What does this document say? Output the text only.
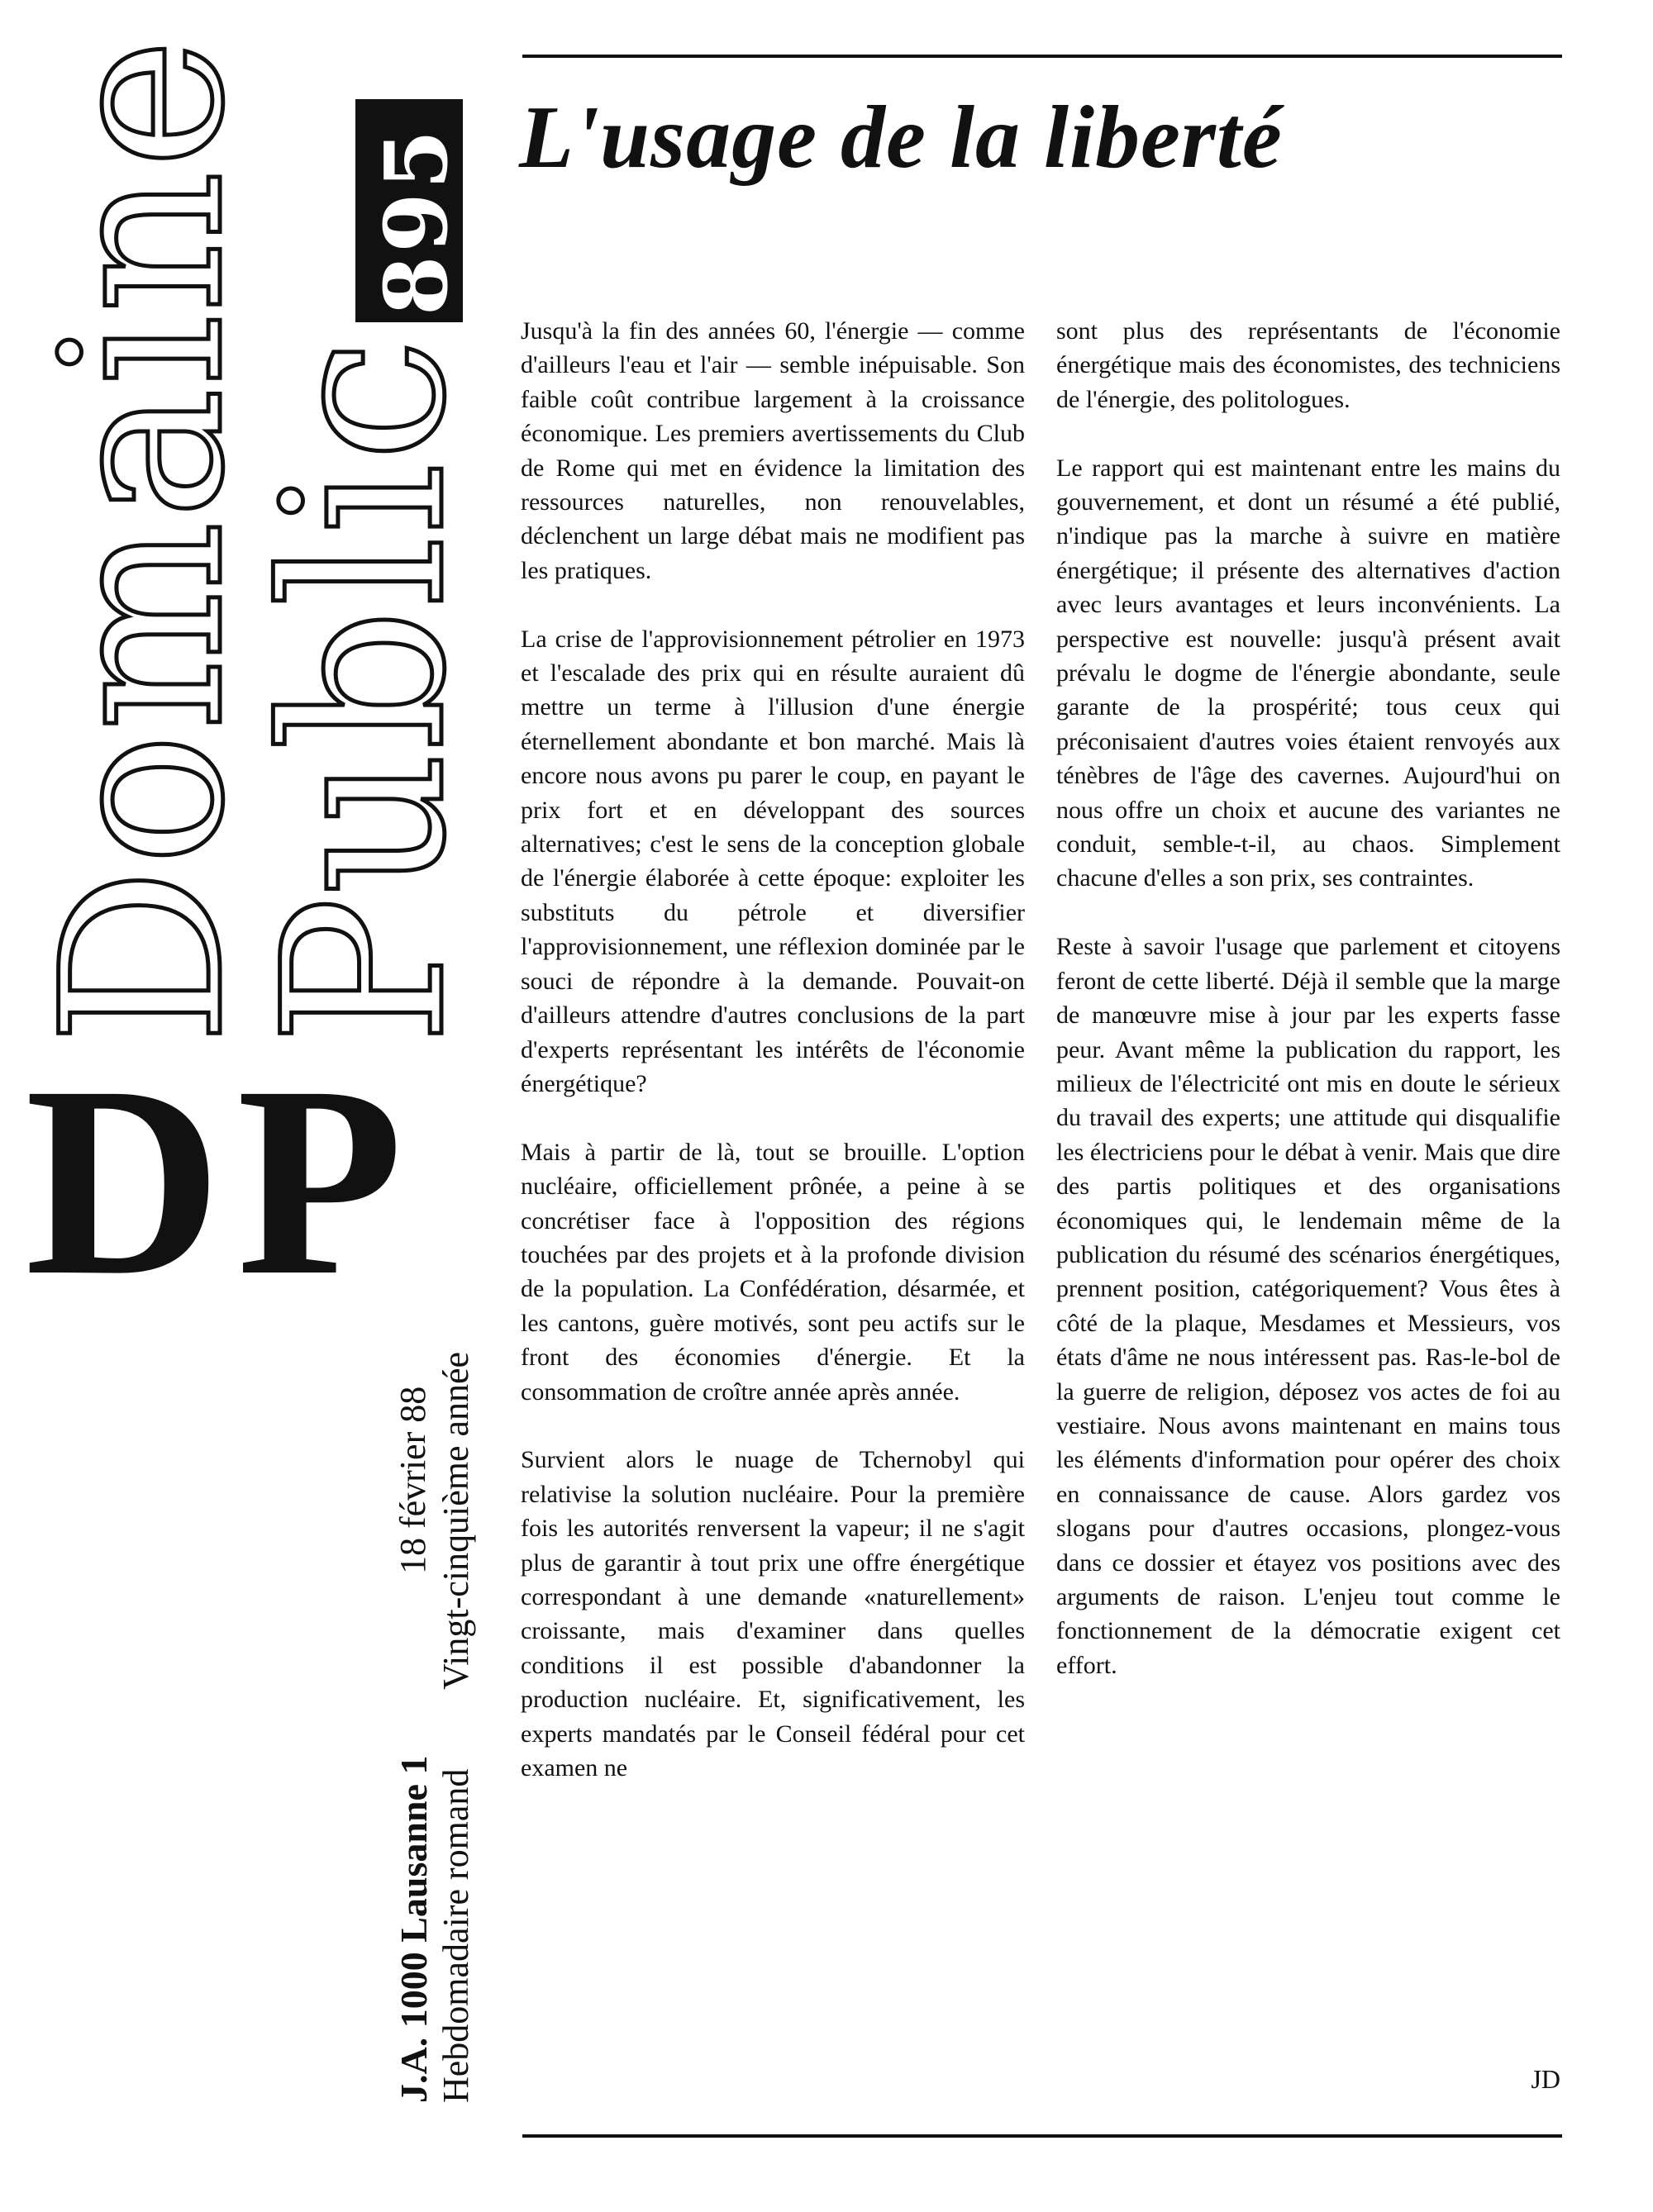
Domaine
Public
895
DP
J.A. 1000 Lausanne 1
18 février 88
Hebdomadaire romand
Vingt-cinquième année
L'usage de la liberté

Jusqu'à la fin des années 60, l'énergie — comme d'ailleurs l'eau et l'air — semble inépuisable. Son faible coût contribue largement à la croissance économique. Les premiers avertissements du Club de Rome qui met en évidence la limitation des ressources naturelles, non renouvelables, déclenchent un large débat mais ne modifient pas les pratiques.

La crise de l'approvisionnement pétrolier en 1973 et l'escalade des prix qui en résulte auraient dû mettre un terme à l'illusion d'une énergie éternellement abondante et bon marché. Mais là encore nous avons pu parer le coup, en payant le prix fort et en développant des sources alternatives; c'est le sens de la conception globale de l'énergie élaborée à cette époque: exploiter les substituts du pétrole et diversifier l'approvisionnement, une réflexion dominée par le souci de répondre à la demande. Pouvait-on d'ailleurs attendre d'autres conclusions de la part d'experts représentant les intérêts de l'économie énergétique?

Mais à partir de là, tout se brouille. L'option nucléaire, officiellement prônée, a peine à se concrétiser face à l'opposition des régions touchées par des projets et à la profonde division de la population. La Confédération, désarmée, et les cantons, guère motivés, sont peu actifs sur le front des économies d'énergie. Et la consommation de croître année après année.

Survient alors le nuage de Tchernobyl qui relativise la solution nucléaire. Pour la première fois les autorités renversent la vapeur; il ne s'agit plus de garantir à tout prix une offre énergétique correspondant à une demande «naturellement» croissante, mais d'examiner dans quelles conditions il est possible d'abandonner la production nucléaire. Et, significativement, les experts mandatés par le Conseil fédéral pour cet examen ne

sont plus des représentants de l'économie énergétique mais des économistes, des techniciens de l'énergie, des politologues.

Le rapport qui est maintenant entre les mains du gouvernement, et dont un résumé a été publié, n'indique pas la marche à suivre en matière énergétique; il présente des alternatives d'action avec leurs avantages et leurs inconvénients. La perspective est nouvelle: jusqu'à présent avait prévalu le dogme de l'énergie abondante, seule garante de la prospérité; tous ceux qui préconisaient d'autres voies étaient renvoyés aux ténèbres de l'âge des cavernes. Aujourd'hui on nous offre un choix et aucune des variantes ne conduit, semble-t-il, au chaos. Simplement chacune d'elles a son prix, ses contraintes.

Reste à savoir l'usage que parlement et citoyens feront de cette liberté. Déjà il semble que la marge de manœuvre mise à jour par les experts fasse peur. Avant même la publication du rapport, les milieux de l'électricité ont mis en doute le sérieux du travail des experts; une attitude qui disqualifie les électriciens pour le débat à venir. Mais que dire des partis politiques et des organisations économiques qui, le lendemain même de la publication du résumé des scénarios énergétiques, prennent position, catégoriquement? Vous êtes à côté de la plaque, Mesdames et Messieurs, vos états d'âme ne nous intéressent pas. Ras-le-bol de la guerre de religion, déposez vos actes de foi au vestiaire. Nous avons maintenant en mains tous les éléments d'information pour opérer des choix en connaissance de cause. Alors gardez vos slogans pour d'autres occasions, plongez-vous dans ce dossier et étayez vos positions avec des arguments de raison. L'enjeu tout comme le fonctionnement de la démocratie exigent cet effort.

JD
